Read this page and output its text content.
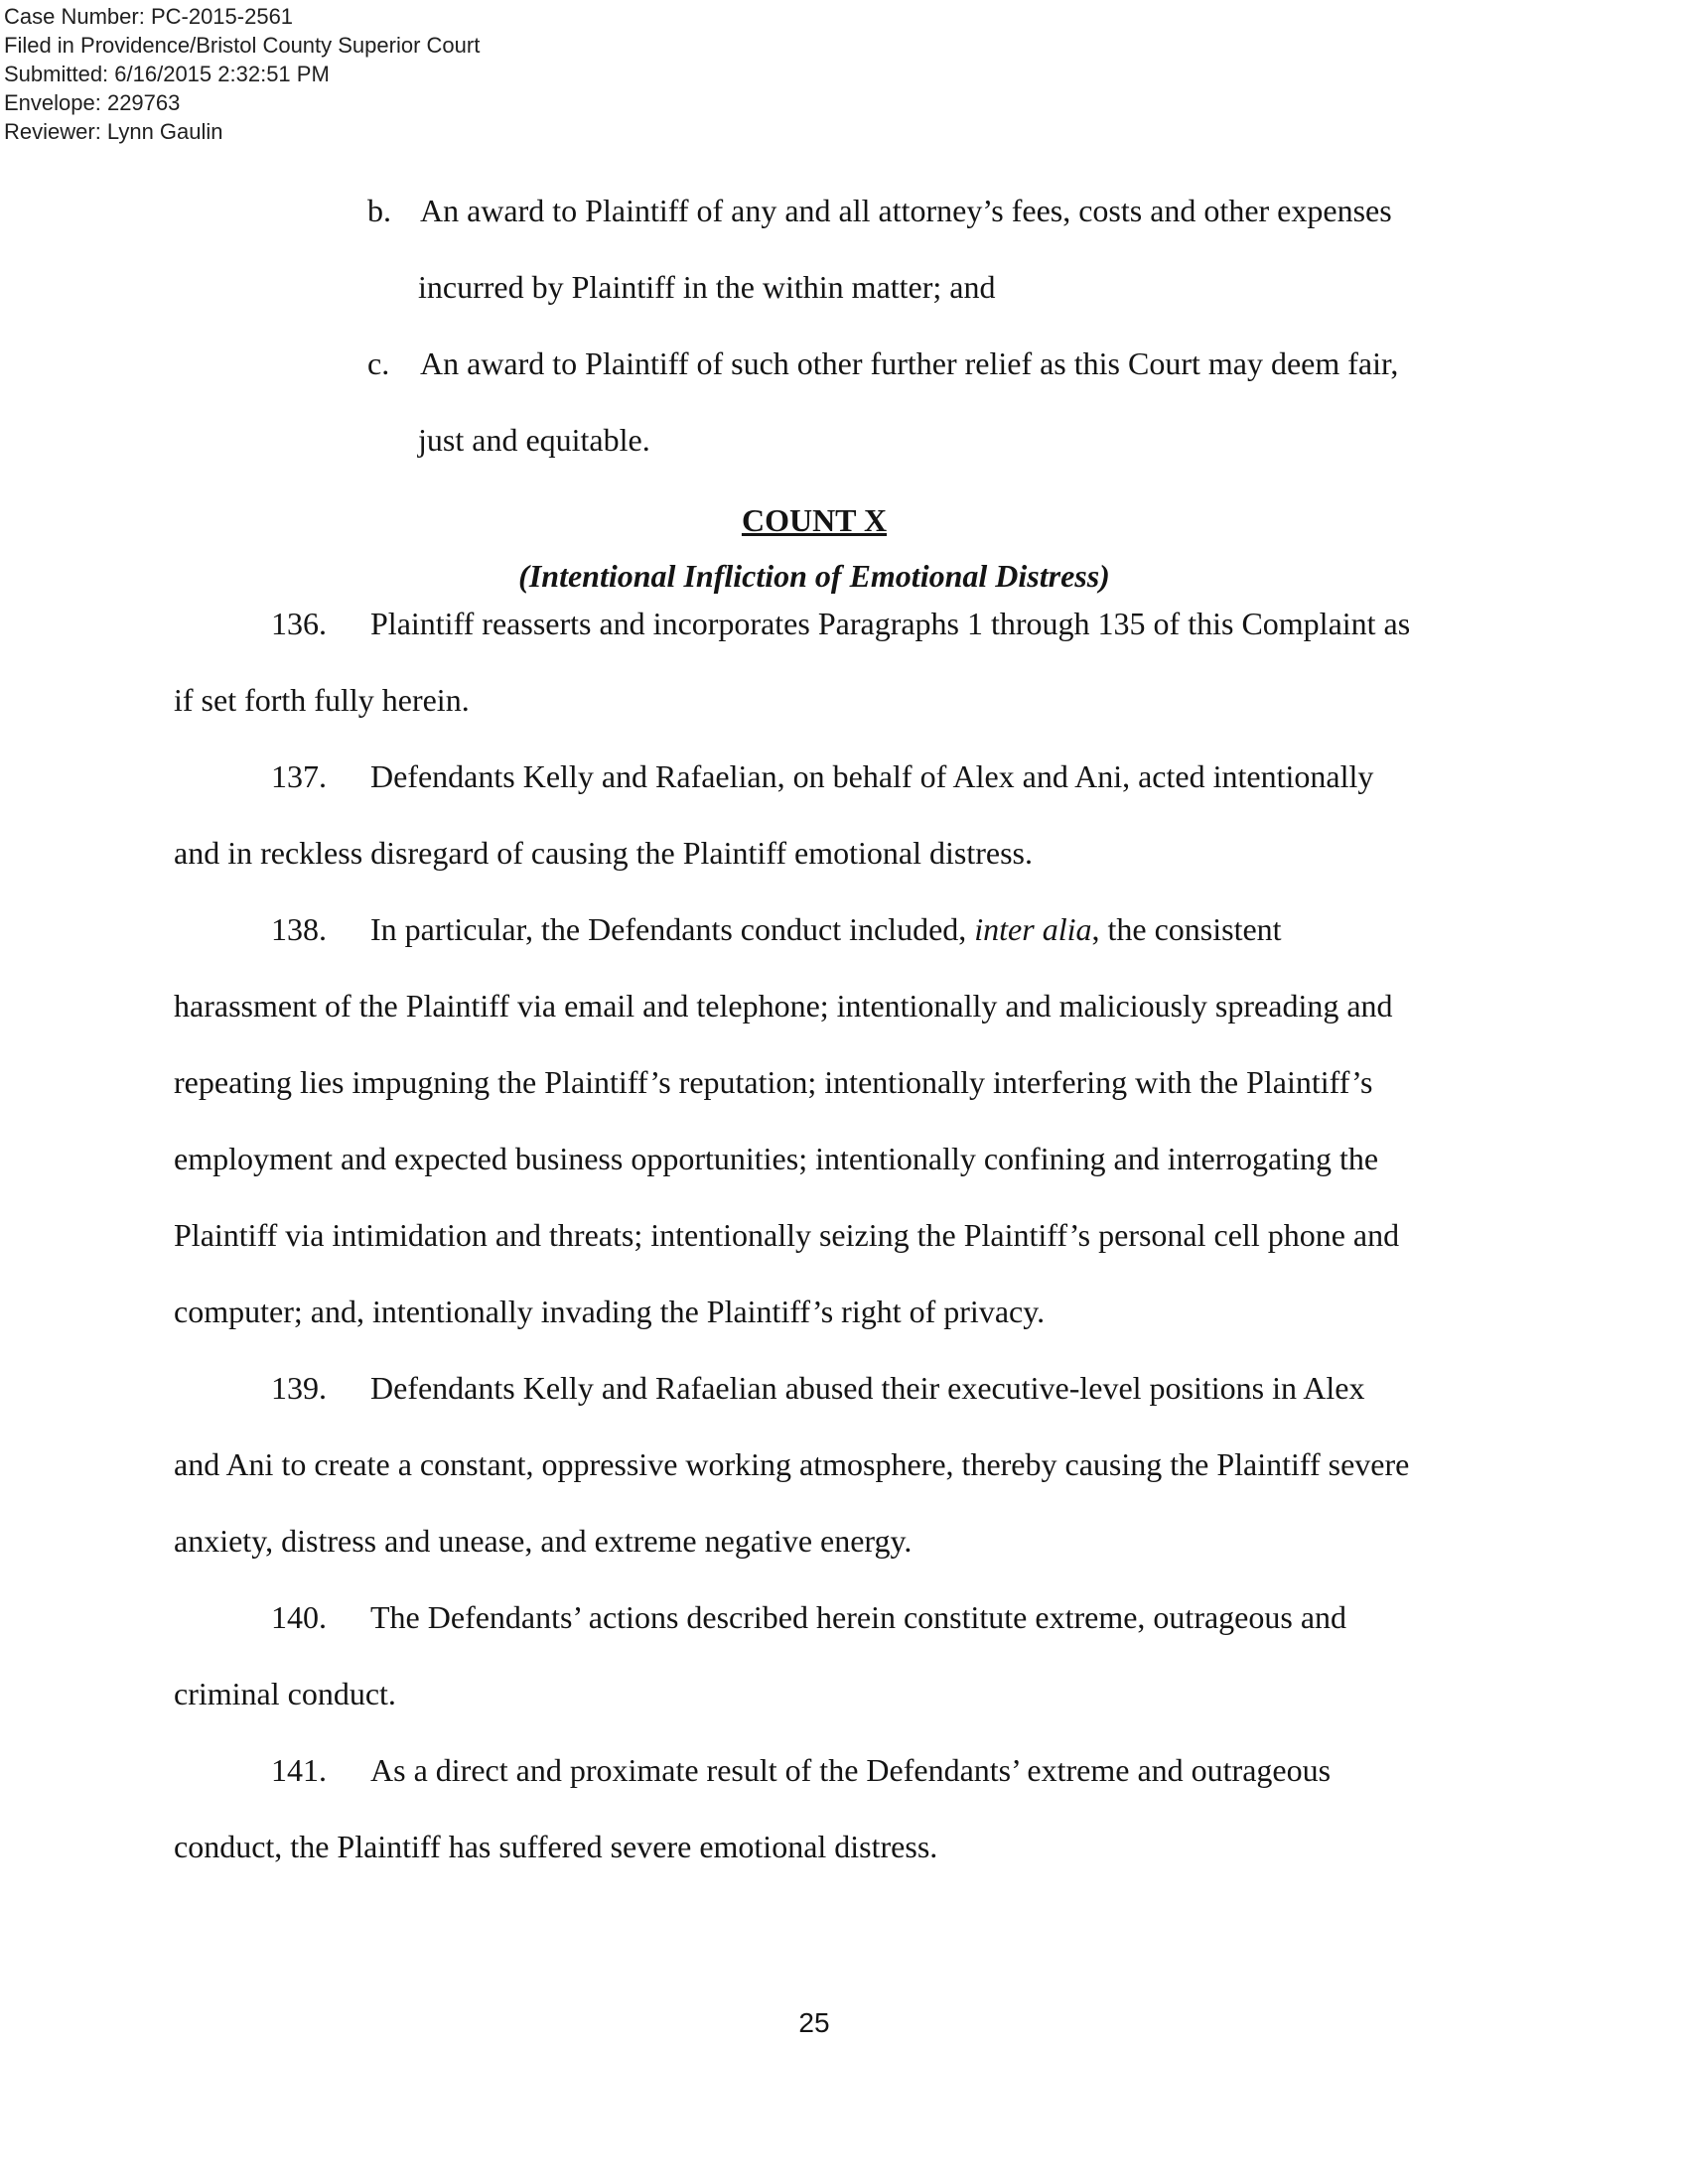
Case Number: PC-2015-2561
Filed in Providence/Bristol County Superior Court
Submitted: 6/16/2015 2:32:51 PM
Envelope: 229763
Reviewer: Lynn Gaulin
b. An award to Plaintiff of any and all attorney’s fees, costs and other expenses
incurred by Plaintiff in the within matter; and
c. An award to Plaintiff of such other further relief as this Court may deem fair,
just and equitable.
COUNT X
(Intentional Infliction of Emotional Distress)
136. Plaintiff reasserts and incorporates Paragraphs 1 through 135 of this Complaint as
if set forth fully herein.
137. Defendants Kelly and Rafaelian, on behalf of Alex and Ani, acted intentionally
and in reckless disregard of causing the Plaintiff emotional distress.
138. In particular, the Defendants conduct included, inter alia, the consistent
harassment of the Plaintiff via email and telephone; intentionally and maliciously spreading and
repeating lies impugning the Plaintiff’s reputation; intentionally interfering with the Plaintiff’s
employment and expected business opportunities; intentionally confining and interrogating the
Plaintiff via intimidation and threats; intentionally seizing the Plaintiff’s personal cell phone and
computer; and, intentionally invading the Plaintiff’s right of privacy.
139. Defendants Kelly and Rafaelian abused their executive-level positions in Alex
and Ani to create a constant, oppressive working atmosphere, thereby causing the Plaintiff severe
anxiety, distress and unease, and extreme negative energy.
140. The Defendants’ actions described herein constitute extreme, outrageous and
criminal conduct.
141. As a direct and proximate result of the Defendants’ extreme and outrageous
conduct, the Plaintiff has suffered severe emotional distress.
25
